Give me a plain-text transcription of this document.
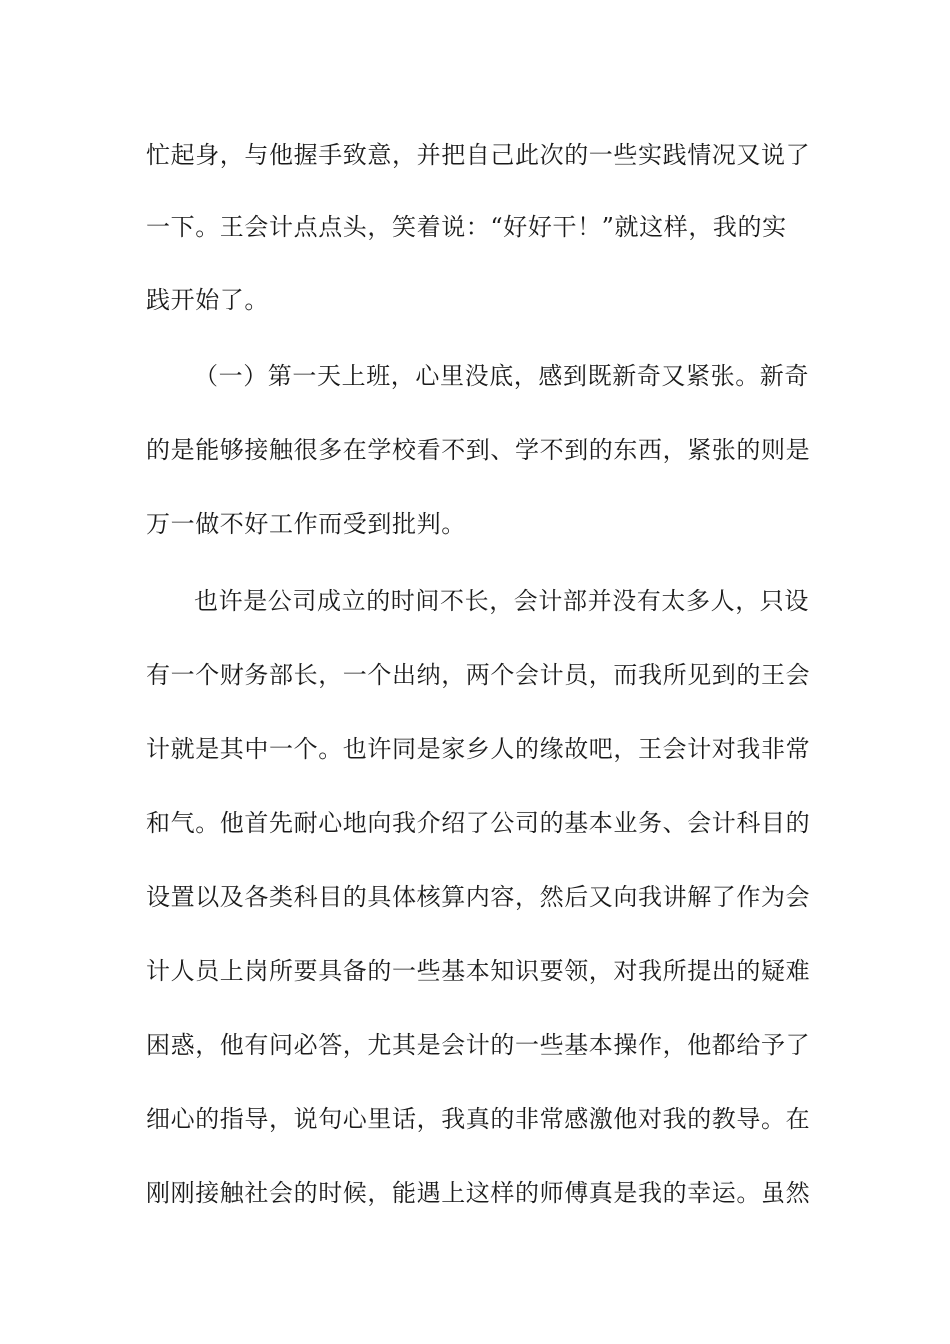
忙起身，与他握手致意，并把自己此次的一些实践情况又说了
一下。王会计点点头，笑着说：“好好干！”就这样，我的实
践开始了。
（一）第一天上班，心里没底，感到既新奇又紧张。新奇
的是能够接触很多在学校看不到、学不到的东西，紧张的则是
万一做不好工作而受到批判。
也许是公司成立的时间不长，会计部并没有太多人，只设
有一个财务部长，一个出纳，两个会计员，而我所见到的王会
计就是其中一个。也许同是家乡人的缘故吧，王会计对我非常
和气。他首先耐心地向我介绍了公司的基本业务、会计科目的
设置以及各类科目的具体核算内容，然后又向我讲解了作为会
计人员上岗所要具备的一些基本知识要领，对我所提出的疑难
困惑，他有问必答，尤其是会计的一些基本操作，他都给予了
细心的指导，说句心里话，我真的非常感激他对我的教导。在
刚刚接触社会的时候，能遇上这样的师傅真是我的幸运。虽然
